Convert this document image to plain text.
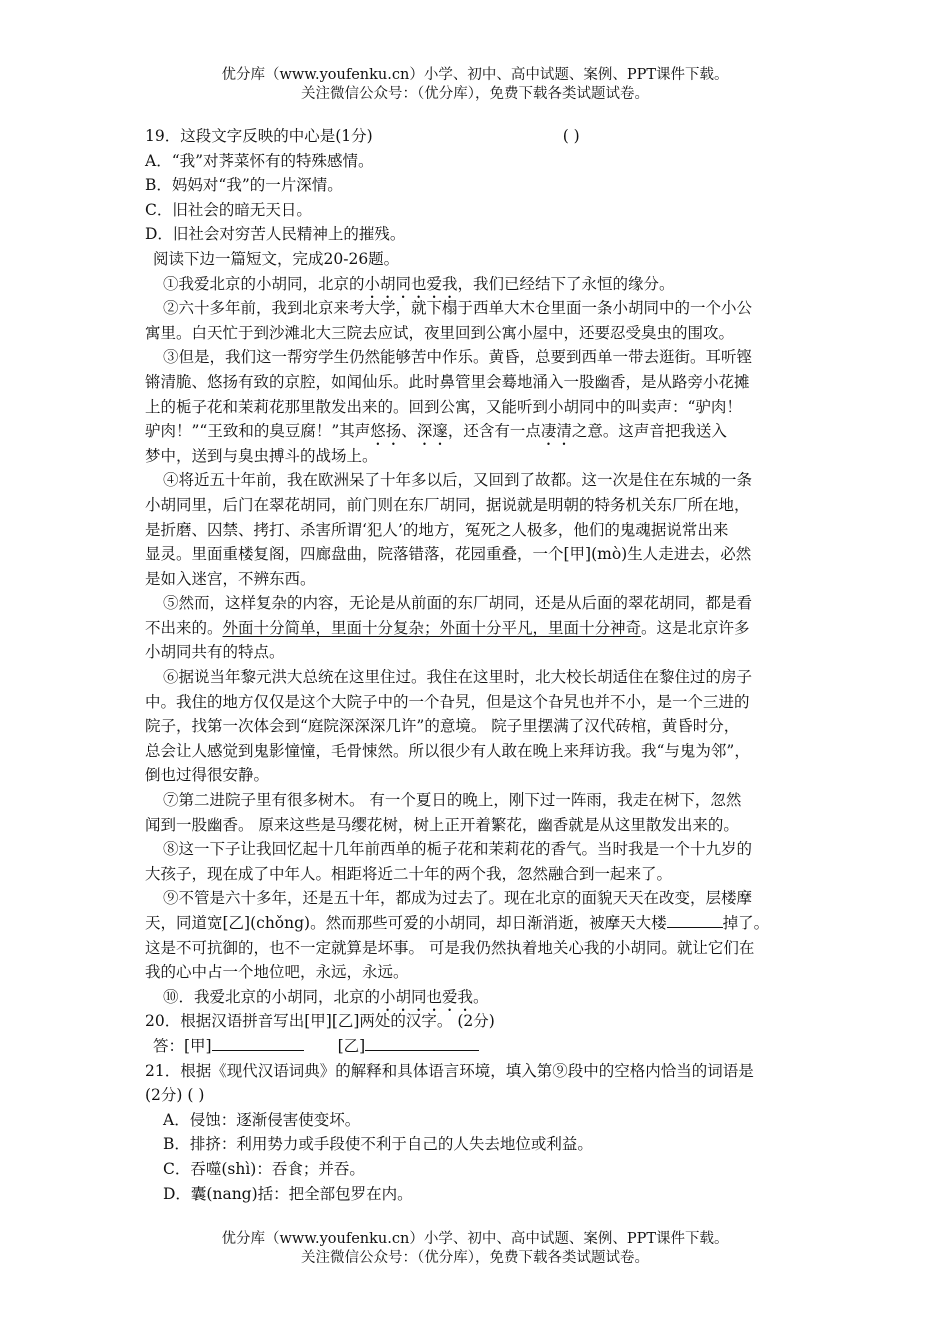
优分库（www.youfenku.cn）小学、初中、高中试题、案例、PPT课件下载。
关注微信公众号：（优分库），免费下载各类试题试卷。
19．这段文字反映的中心是(1分)	( )
A．“我”对荠菜怀有的特殊感情。
B．妈妈对“我”的一片深情。
C．旧社会的暗无天日。
D．旧社会对穷苦人民精神上的摧残。
阅读下边一篇短文，完成20-26题。
①我爱北京的小胡同，北京的小胡同也爱我，我们已经结下了永恒的缘分。
②六十多年前，我到北京来考大学，就下榻于西单大木仓里面一条小胡同中的一个小公
寓里。白天忙于到沙滩北大三院去应试，夜里回到公寓小屋中，还要忍受臭虫的围攻。
③但是，我们这一帮穷学生仍然能够苦中作乐。黄昏，总要到西单一带去逛街。耳听铿
锵清脆、悠扬有致的京腔，如闻仙乐。此时鼻管里会蓦地涌入一股幽香，是从路旁小花摊
上的栀子花和茉莉花那里散发出来的。回到公寓，又能听到小胡同中的叫卖声：“驴肉！
驴肉！”“王致和的臭豆腐！”其声悠扬、深邃，还含有一点凄清之意。这声音把我送入
梦中，送到与臭虫搏斗的战场上。
④将近五十年前，我在欧洲呆了十年多以后，又回到了故都。这一次是住在东城的一条
小胡同里，后门在翠花胡同，前门则在东厂胡同，据说就是明朝的特务机关东厂所在地，
是折磨、囚禁、拷打、杀害所谓‘犯人’的地方，冤死之人极多，他们的鬼魂据说常出来
显灵。里面重楼复阁，四廊盘曲，院落错落，花园重叠，一个[甲](mò)生人走进去，必然
是如入迷宫，不辨东西。
⑤然而，这样复杂的内容，无论是从前面的东厂胡同，还是从后面的翠花胡同，都是看
不出来的。外面十分简单，里面十分复杂；外面十分平凡，里面十分神奇。这是北京许多
小胡同共有的特点。
⑥据说当年黎元洪大总统在这里住过。我住在这里时，北大校长胡适住在黎住过的房子
中。我住的地方仅仅是这个大院子中的一个旮旯，但是这个旮旯也并不小，是一个三进的
院子，找第一次体会到“庭院深深深几许”的意境。 院子里摆满了汉代砖棺，黄昏时分，
总会让人感觉到鬼影憧憧，毛骨悚然。所以很少有人敢在晚上来拜访我。我“与鬼为邻”，
倒也过得很安静。
⑦第二进院子里有很多树木。 有一个夏日的晚上，刚下过一阵雨，我走在树下，忽然
闻到一股幽香。 原来这些是马缨花树，树上正开着繁花，幽香就是从这里散发出来的。
⑧这一下子让我回忆起十几年前西单的栀子花和茉莉花的香气。当时我是一个十九岁的
大孩子，现在成了中年人。相距将近二十年的两个我，忽然融合到一起来了。
⑨不管是六十多年，还是五十年，都成为过去了。现在北京的面貌天天在改变，层楼摩
天，同道宽[乙](chǒng)。然而那些可爱的小胡同，却日渐消逝，被摩天大楼	掉了。
这是不可抗御的，也不一定就算是坏事。 可是我仍然执着地关心我的小胡同。就让它们在
我的心中占一个地位吧，永远，永远。
⑩．我爱北京的小胡同，北京的小胡同也爱我。
20．根据汉语拼音写出[甲][乙]两处的汉字。 (2分)
答：[甲]	[乙]
21．根据《现代汉语词典》的解释和具体语言环境，填入第⑨段中的空格内恰当的词语是
(2分) ( )
A．侵蚀：逐渐侵害使变坏。
B．排挤：利用势力或手段使不利于自己的人失去地位或利益。
C．吞噬(shì)：吞食；并吞。
D．囊(nang)括：把全部包罗在内。
优分库（www.youfenku.cn）小学、初中、高中试题、案例、PPT课件下载。
关注微信公众号：（优分库），免费下载各类试题试卷。
